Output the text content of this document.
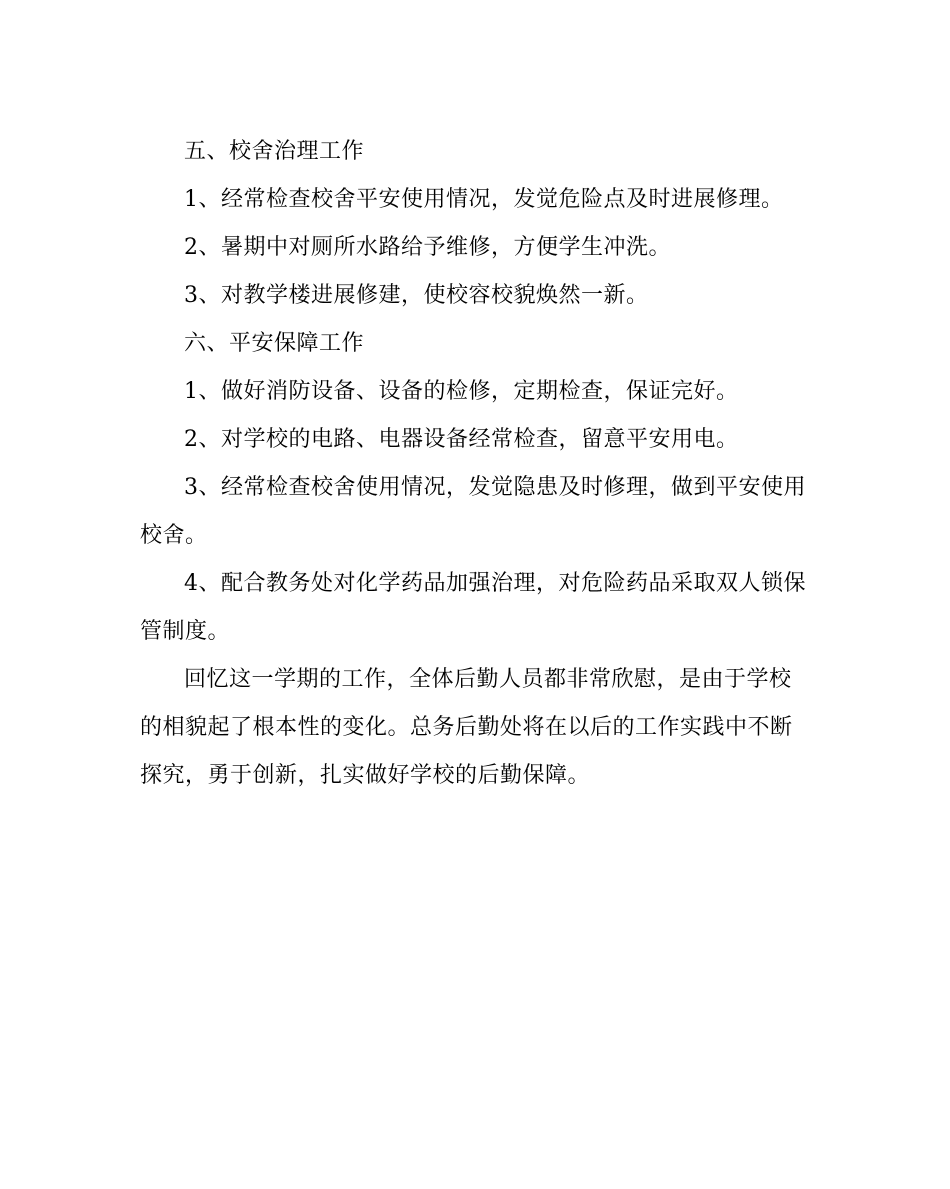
五、校舍治理工作

1、经常检查校舍平安使用情况，发觉危险点及时进展修理。

2、暑期中对厕所水路给予维修，方便学生冲洗。

3、对教学楼进展修建，使校容校貌焕然一新。

六、平安保障工作

1、做好消防设备、设备的检修，定期检查，保证完好。

2、对学校的电路、电器设备经常检查，留意平安用电。

3、经常检查校舍使用情况，发觉隐患及时修理，做到平安使用校舍。

4、配合教务处对化学药品加强治理，对危险药品采取双人锁保管制度。

回忆这一学期的工作，全体后勤人员都非常欣慰，是由于学校的相貌起了根本性的变化。总务后勤处将在以后的工作实践中不断探究，勇于创新，扎实做好学校的后勤保障。
